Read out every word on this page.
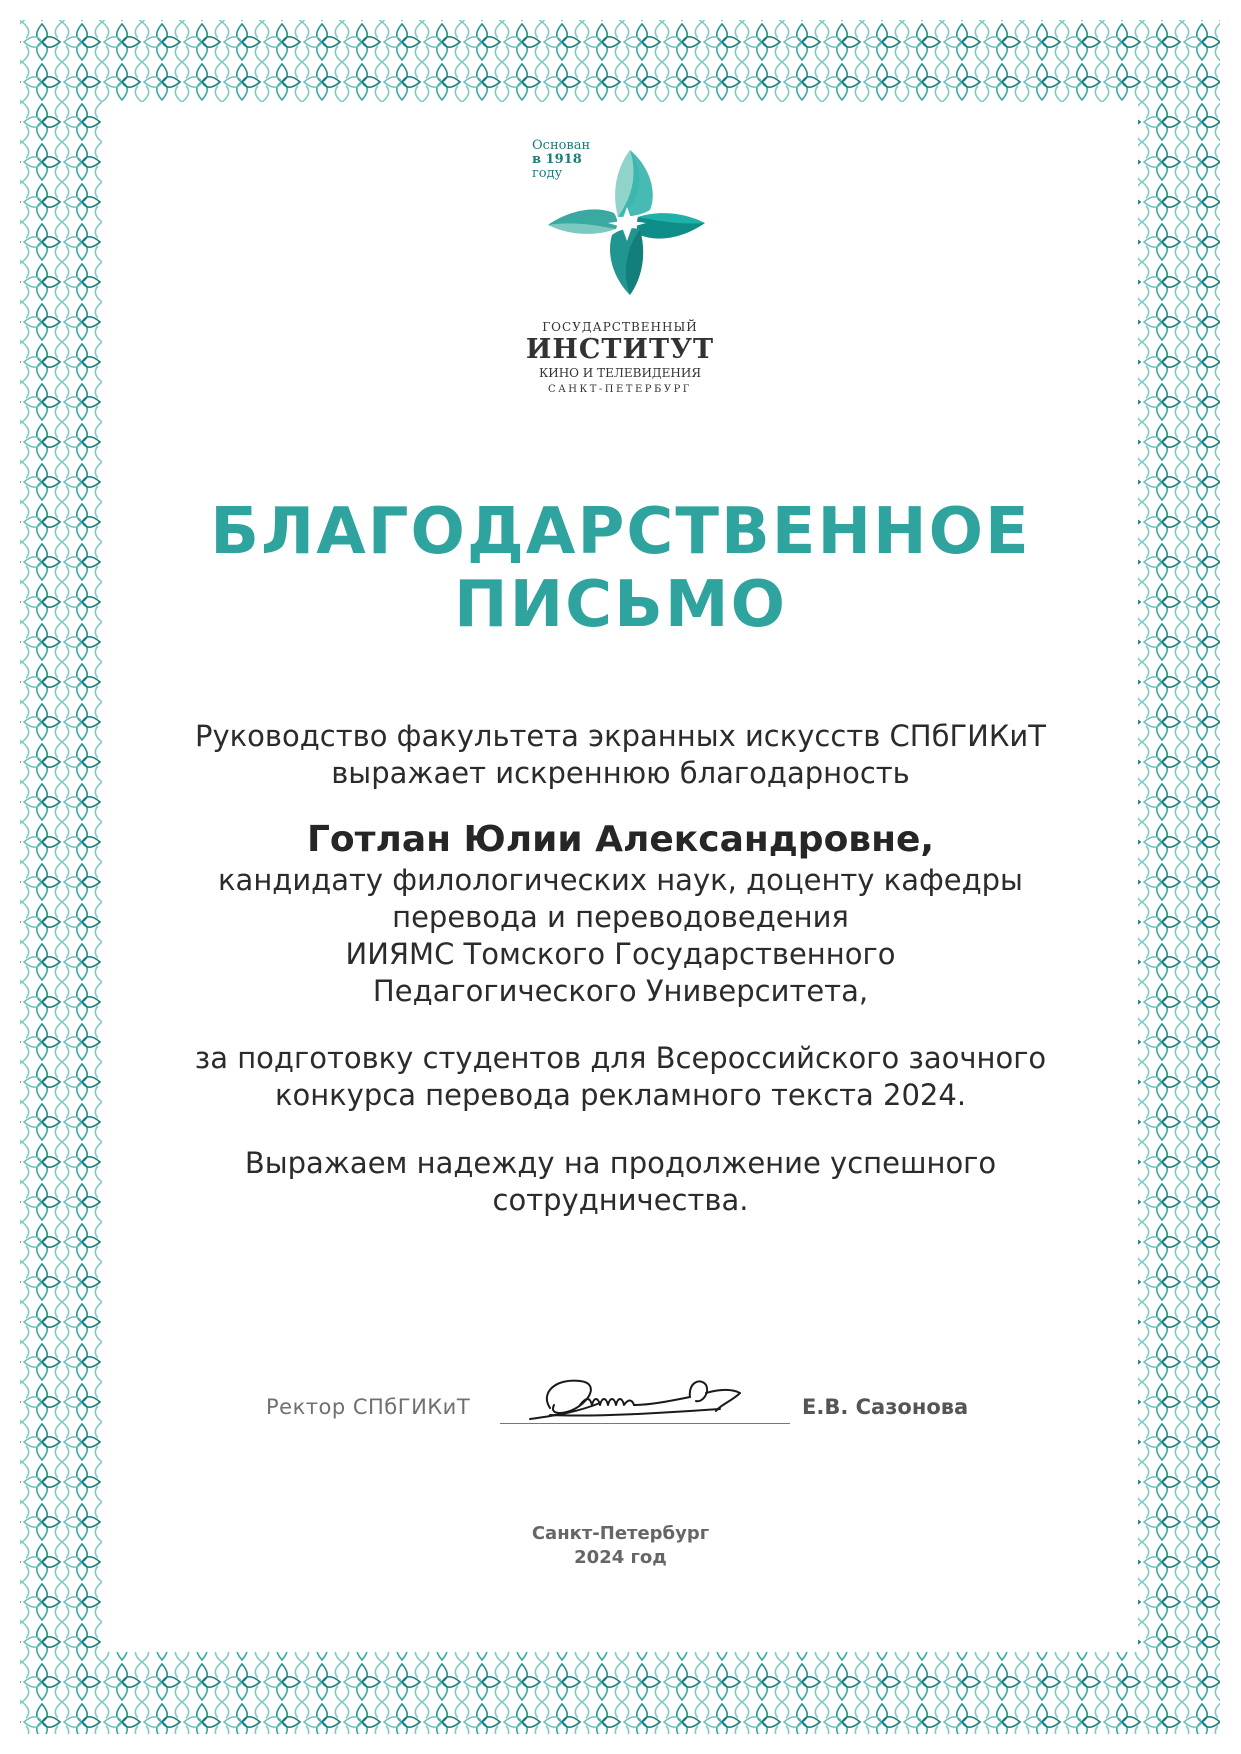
Основан
в 1918
году
ГОСУДАРСТВЕННЫЙ
ИНСТИТУТ
КИНО И ТЕЛЕВИДЕНИЯ
САНКТ-ПЕТЕРБУРГ
БЛАГОДАРСТВЕННОЕ
ПИСЬМО
Руководство факультета экранных искусств СПбГИКиТ
выражает искреннюю благодарность
Готлан Юлии Александровне,
кандидату филологических наук, доценту кафедры
перевода и переводоведения
ИИЯМС Томского Государственного
Педагогического Университета,
за подготовку студентов для Всероссийского заочного
конкурса перевода рекламного текста 2024.
Выражаем надежду на продолжение успешного
сотрудничества.
Ректор СПбГИКиТ	Е.В. Сазонова
Санкт-Петербург
2024 год
